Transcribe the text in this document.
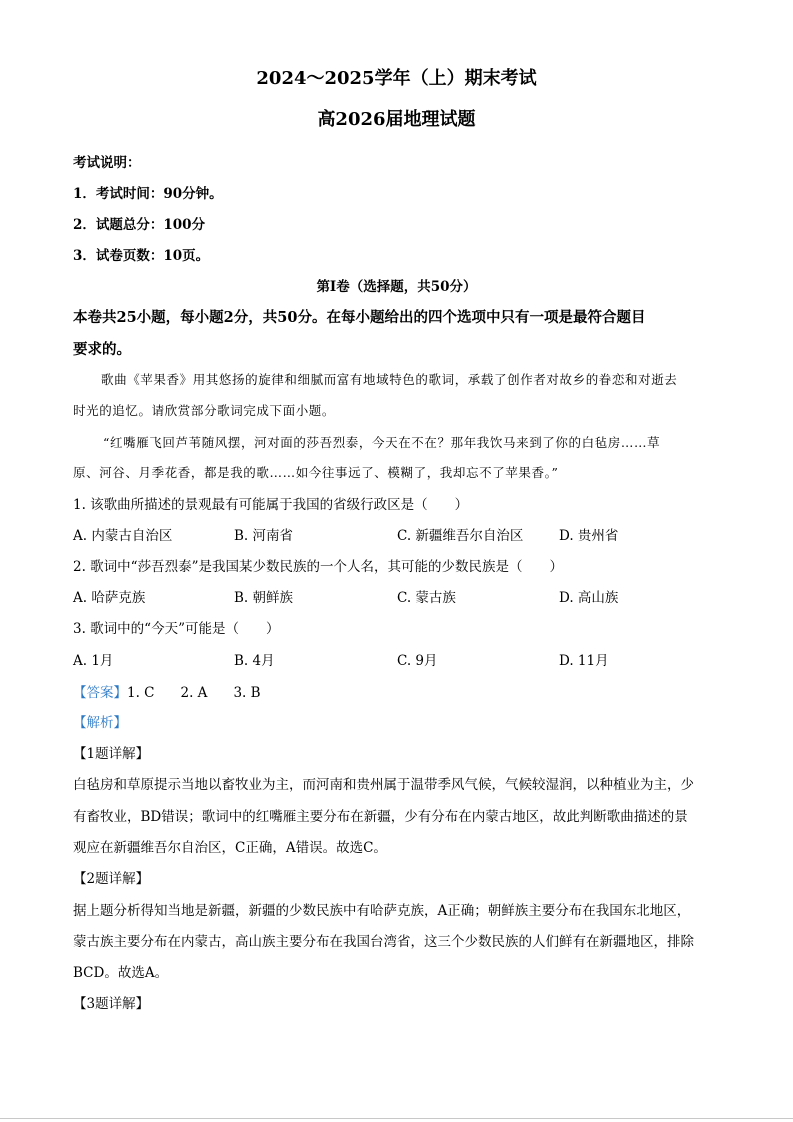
2024～2025学年（上）期末考试
高2026届地理试题
考试说明：
1．考试时间：90分钟。
2．试题总分：100分
3．试卷页数：10页。
第Ⅰ卷（选择题，共50分）
本卷共25小题，每小题2分，共50分。在每小题给出的四个选项中只有一项是最符合题目
要求的。
歌曲《苹果香》用其悠扬的旋律和细腻而富有地域特色的歌词，承载了创作者对故乡的眷恋和对逝去
时光的追忆。请欣赏部分歌词完成下面小题。
“红嘴雁飞回芦苇随风摆，河对面的莎吾烈泰，今天在不在？那年我饮马来到了你的白毡房……草
原、河谷、月季花香，都是我的歌……如今往事远了、模糊了，我却忘不了苹果香。”
1. 该歌曲所描述的景观最有可能属于我国的省级行政区是（　　）
A. 内蒙古自治区	B. 河南省	C. 新疆维吾尔自治区	D. 贵州省
2. 歌词中“莎吾烈泰”是我国某少数民族的一个人名，其可能的少数民族是（　　）
A. 哈萨克族	B. 朝鲜族	C. 蒙古族	D. 高山族
3. 歌词中的“今天”可能是（　　）
A. 1月	B. 4月	C. 9月	D. 11月
【答案】1. C 2. A 3. B
【解析】
【1题详解】
白毡房和草原提示当地以畜牧业为主，而河南和贵州属于温带季风气候，气候较湿润，以种植业为主，少
有畜牧业，BD错误；歌词中的红嘴雁主要分布在新疆，少有分布在内蒙古地区，故此判断歌曲描述的景
观应在新疆维吾尔自治区，C正确，A错误。故选C。
【2题详解】
据上题分析得知当地是新疆，新疆的少数民族中有哈萨克族，A正确；朝鲜族主要分布在我国东北地区，
蒙古族主要分布在内蒙古，高山族主要分布在我国台湾省，这三个少数民族的人们鲜有在新疆地区，排除
BCD。故选A。
【3题详解】
